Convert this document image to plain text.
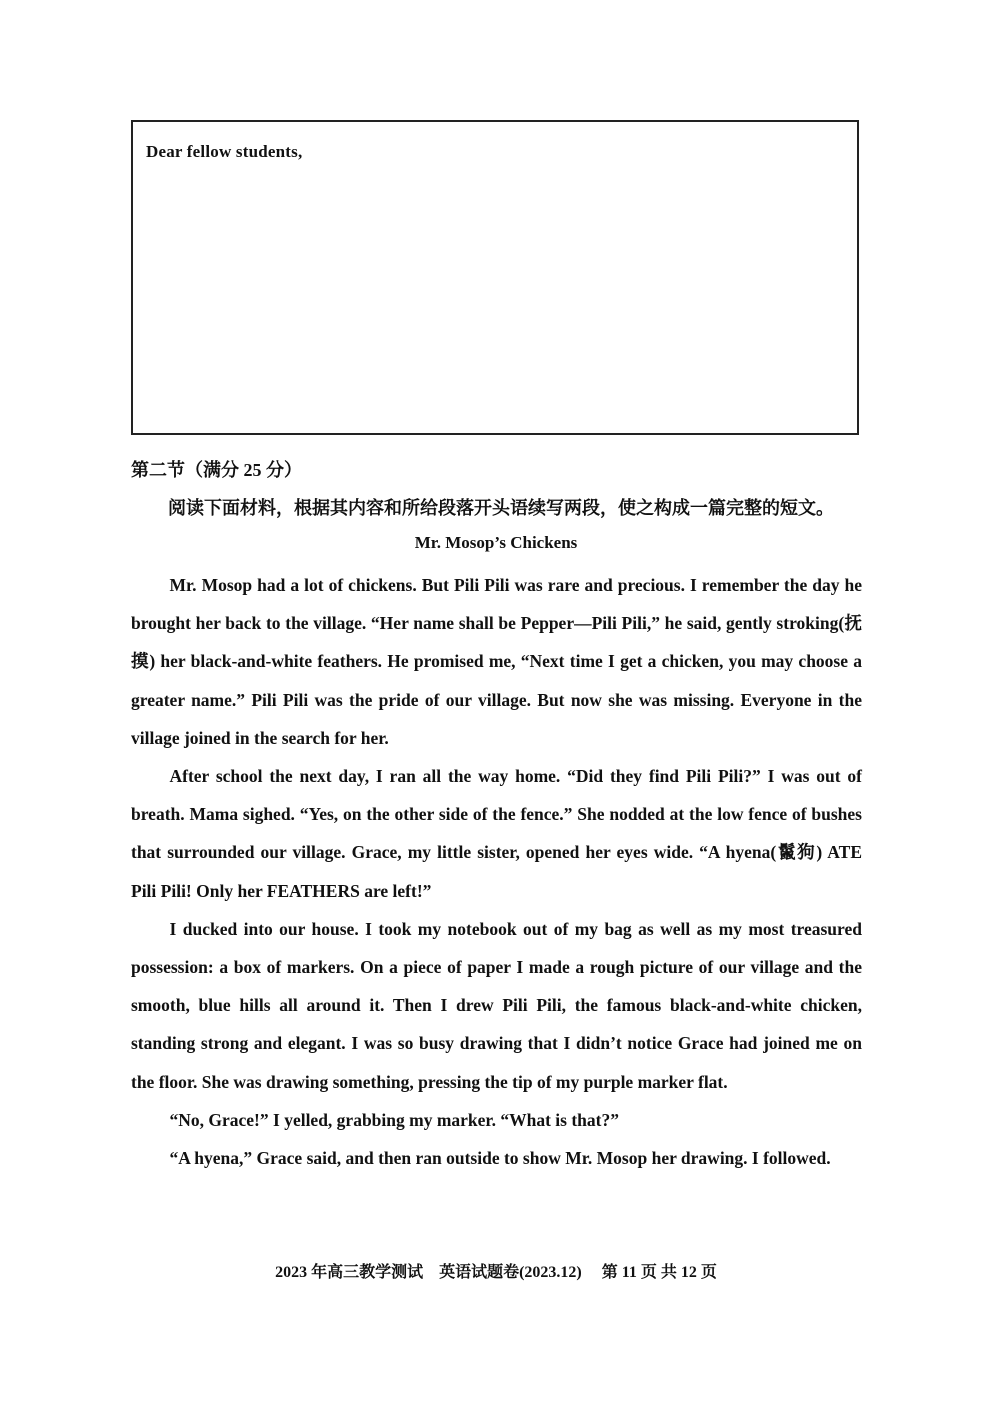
Dear fellow students,
第二节（满分 25 分）
阅读下面材料，根据其内容和所给段落开头语续写两段，使之构成一篇完整的短文。
Mr. Mosop’s Chickens

Mr. Mosop had a lot of chickens. But Pili Pili was rare and precious. I remember the day he brought her back to the village. “Her name shall be Pepper—Pili Pili,” he said, gently stroking(抚摸) her black-and-white feathers. He promised me, “Next time I get a chicken, you may choose a greater name.” Pili Pili was the pride of our village. But now she was missing. Everyone in the village joined in the search for her.

After school the next day, I ran all the way home. “Did they find Pili Pili?” I was out of breath. Mama sighed. “Yes, on the other side of the fence.” She nodded at the low fence of bushes that surrounded our village. Grace, my little sister, opened her eyes wide. “A hyena(鬣狗) ATE Pili Pili! Only her FEATHERS are left!”

I ducked into our house. I took my notebook out of my bag as well as my most treasured possession: a box of markers. On a piece of paper I made a rough picture of our village and the smooth, blue hills all around it. Then I drew Pili Pili, the famous black-and-white chicken, standing strong and elegant. I was so busy drawing that I didn’t notice Grace had joined me on the floor. She was drawing something, pressing the tip of my purple marker flat.

“No, Grace!” I yelled, grabbing my marker. “What is that?”

“A hyena,” Grace said, and then ran outside to show Mr. Mosop her drawing. I followed.

2023 年高三教学测试　英语试题卷(2023.12) 第 11 页 共 12 页
